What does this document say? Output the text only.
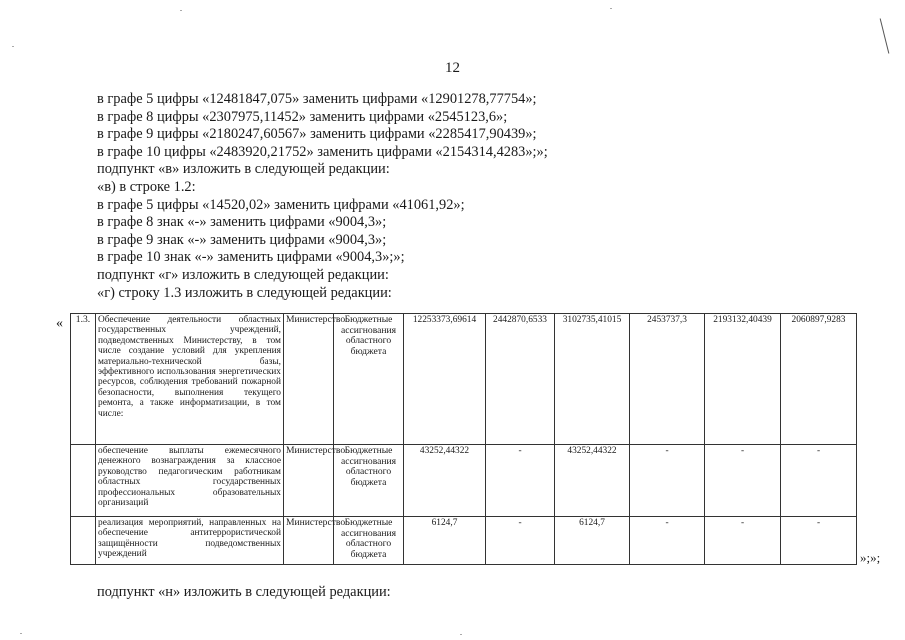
12
в графе 5 цифры «12481847,075» заменить цифрами «12901278,77754»;
в графе 8 цифры «2307975,11452» заменить цифрами «2545123,6»;
в графе 9 цифры «2180247,60567» заменить цифрами «2285417,90439»;
в графе 10 цифры «2483920,21752» заменить цифрами «2154314,4283»;»;
подпункт «в» изложить в следующей редакции:
«в) в строке 1.2:
в графе 5 цифры «14520,02» заменить цифрами «41061,92»;
в графе 8 знак «-» заменить цифрами «9004,3»;
в графе 9 знак «-» заменить цифрами «9004,3»;
в графе 10 знак «-» заменить цифрами «9004,3»;»;
подпункт «г» изложить в следующей редакции:
«г) строку 1.3 изложить в следующей редакции:
« 1.3.	Обеспечение деятельности областных государственных учреждений, подведомственных Министерству, в том числе создание условий для укрепления материально-технической базы, эффективного использования энергетических ресурсов, соблюдения требований пожарной безопасности, выполнения текущего ремонта, а также информатизации, в том числе:	Министерство	Бюджетные ассигнования областного бюджета	12253373,69614	2442870,6533	3102735,41015	2453737,3	2193132,40439	2060897,9283
	обеспечение выплаты ежемесячного денежного вознаграждения за классное руководство педагогическим работникам областных государственных профессиональных образовательных организаций	Министерство	Бюджетные ассигнования областного бюджета	43252,44322	-	43252,44322	-	-	-
	реализация мероприятий, направленных на обеспечение антитеррористической защищённости подведомственных учреждений	Министерство	Бюджетные ассигнования областного бюджета	6124,7	-	6124,7	-	-	-
»;»;
подпункт «н» изложить в следующей редакции:
